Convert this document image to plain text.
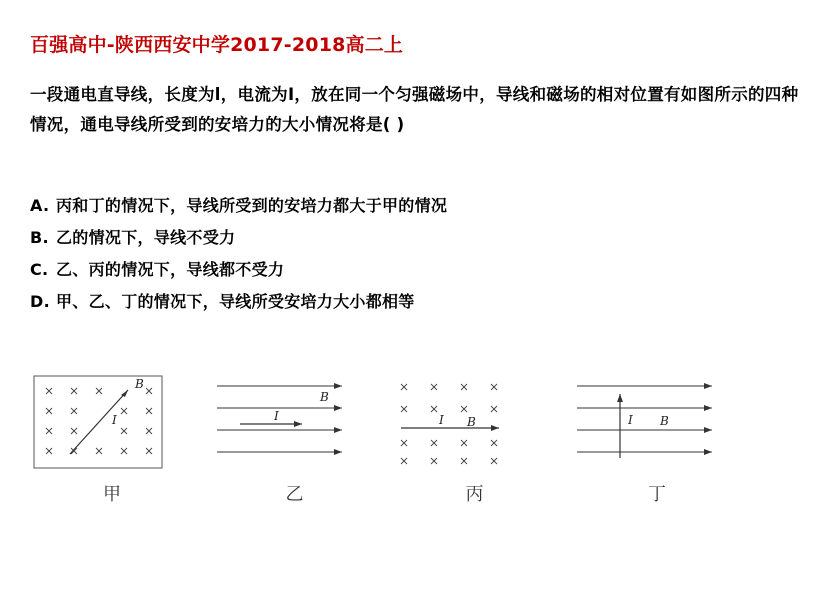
百强高中-陕西西安中学2017-2018高二上
一段通电直导线，长度为l，电流为I，放在同一个匀强磁场中，导线和磁场的相对位置有如图所示的四种情况，通电导线所受到的安培力的大小情况将是( )
A. 丙和丁的情况下，导线所受到的安培力都大于甲的情况
B. 乙的情况下，导线不受力
C. 乙、丙的情况下，导线都不受力
D. 甲、乙、丁的情况下，导线所受安培力大小都相等
B
I
甲
B
I
乙
I B
丙
I B
丁
